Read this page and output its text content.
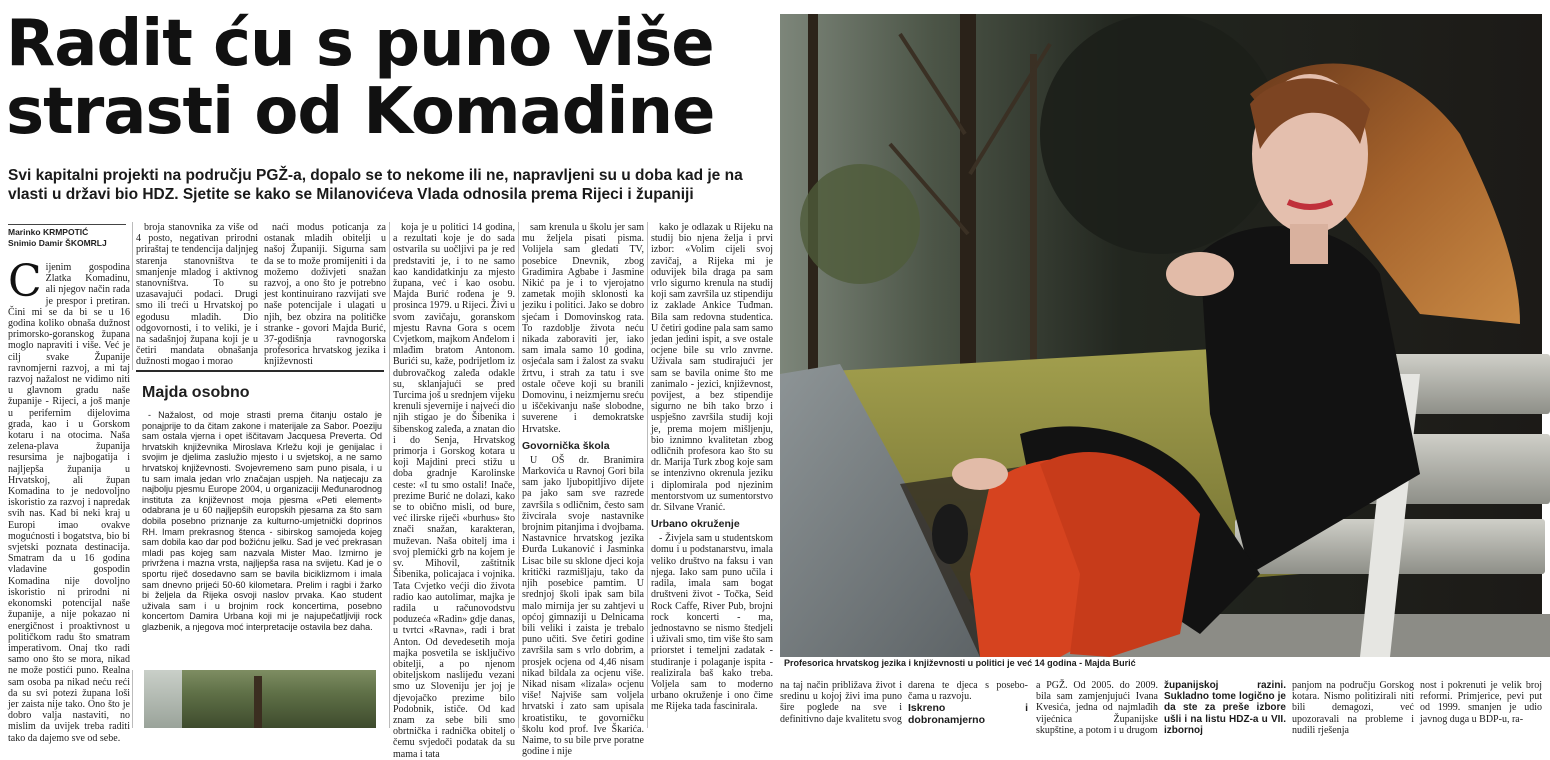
Radit ću s puno više
strasti od Komadine
Svi kapitalni projekti na području PGŽ-a, dopalo se to nekome ili ne, napravljeni su u doba kad je na vlasti u državi bio HDZ. Sjetite se kako se Milanovićeva Vlada odnosila prema Rijeci i županiji
Marinko KRMPOTIĆ
Snimio Damir ŠKOMRLJ
C ijenim gospodina Zlatka Komadinu, ali njegov način rada je prespor i pretiran. Čini mi se da bi se u 16 godina koliko obnaša dužnost primorsko-goranskog župana moglo napraviti i više. Već je cilj svake Županije ravnomjerni razvoj, a mi taj razvoj nažalost ne vidimo niti u glavnom gradu naše županije - Rijeci, a još manje u perifernim dijelovima grada, kao i u Gorskom kotaru i na otocima. Naša zelena-plava županija resursima je najbogatija i najljepša županija u Hrvatskoj, ali župan Komadina to je nedovoljno iskoristio za razvoj i napredak svih nas. Kad bi neki kraj u Europi imao ovakve mogućnosti i bogatstva, bio bi svjetski poznata destinacija. Smatram da u 16 godina vladavine gospodin Komadina nije dovoljno iskoristio ni prirodni ni ekonomski potencijal naše županije, a nije pokazao ni energičnost i proaktivnost u političkom radu što smatram imperativom. Onaj tko radi samo ono što se mora, nikad ne može postići puno. Realna sam osoba pa nikad neću reći da su svi potezi župana loši jer zaista nije tako. Ono što je dobro valja nastaviti, no mislim da uvijek treba raditi tako da dajemo sve od sebe.

broja stanovnika za više od 4 posto, negativan prirodni priraštaj te tendencija daljnjeg starenja stanovništva te smanjenje mladog i aktivnog stanovništva. To su uzasavajući podaci. Drugi smo ili treći u Hrvatskoj po egodusu mladih. Dio odgovornosti, i to veliki, je i na sadašnjoj župana koji je u četiri mandata obnašanja dužnosti mogao i morao

naći modus poticanja za ostanak mladih obitelji u našoj Županiji. Sigurna sam da se to može promijeniti i da možemo doživjeti snažan razvoj, a ono što je potrebno jest kontinuirano razvijati sve naše potencijale i ulagati u njih, bez obzira na političke stranke - govori Majda Burić, 37-godišnja ravnogorska profesorica hrvatskog jezika i književnosti

Majda osobno

- Nažalost, od moje strasti prema čitanju ostalo je ponajprije to da čitam zakone i materijale za Sabor. Poeziju sam ostala vjerna i opet iščitavam Jacquesa Preverta. Od hrvatskih književnika Miroslava Krležu koji je genijalac i svojim je djelima zaslužio mjesto i u svjetskoj, a ne samo hrvatskoj književnosti. Svojevremeno sam puno pisala, i u tu sam imala jedan vrlo značajan uspjeh. Na natjecaju za najbolju pjesmu Europe 2004, u organizaciji Međunarodnog instituta za književnost moja pjesma «Peti element» odabrana je u 60 najljepših europskih pjesama za što sam dobila posebno priznanje za kulturno-umjetnički doprinos RH. Imam prekrasnog štenca - sibirskog samojeda kojeg sam dobila kao dar pod božićnu jelku. Sad je već prekrasan mladi pas kojeg sam nazvala Mister Mao. Izmirno je privržena i mazna vrsta, najljepša rasa na svijetu. Kad je o sportu riječ dosedavno sam se bavila biciklizmom i imala sam dnevno prijeći 50-60 kilometara. Prelim i ragbi i žarko bi željela da Rijeka osvoji naslov prvaka. Kao student uživala sam i u brojnim rock koncertima, posebno koncertom Damira Urbana koji mi je najupečatljiviji rock glazbenik, a njegova moć interpretacije ostavila bez daha.

koja je u politici 14 godina, a rezultati koje je do sada ostvarila su uočljivi pa je red predstaviti je, i to ne samo kao kandidatkinju za mjesto župana, već i kao osobu. Majda Burić rođena je 9. prosinca 1979. u Rijeci. Živi u svom zavičaju, goranskom mjestu Ravna Gora s ocem Cvjetkom, majkom Anđelom i mlađim bratom Antonom. Burići su, kaže, podrijetlom iz dubrovačkog zaleđa odakle su, sklanjajući se pred Turcima još u srednjem vijeku krenuli sjevernije i najveći dio njih stigao je do Šibenika i šibenskog zaleđa, a znatan dio i do Senja, Hrvatskog primorja i Gorskog kotara u koji Majdini preci stižu u doba gradnje Karolinske ceste: «I tu smo ostali! Inače, prezime Burić ne dolazi, kako se to obično misli, od bure, već ilirske riječi «burhus» što znači snažan, karakteran, muževan. Naša obitelj ima i svoj plemićki grb na kojem je sv. Mihovil, zaštitnik Šibenika, policajaca i vojnika. Tata Cvjetko većji dio života radio kao autolimar, majka je radila u računovodstvu poduzeća «Radin» gdje danas, u tvrtci «Ravna», radi i brat Anton. Od devedesetih moja majka posvetila se isključivo obitelji, a po njenom obiteljskom naslijeđu vezani smo uz Sloveniju jer joj je djevojačko prezime bilo Podobnik, ističe. Od kad znam za sebe bili smo obrtnička i radnička obitelj o čemu svjedoči podatak da su mama i tata

sam krenula u školu jer sam mu željela pisati pisma. Volijela sam gledati TV, posebice Dnevnik, zbog Gradimira Agbabe i Jasmine Nikić pa je i to vjerojatno zametak mojih sklonosti ka jeziku i politici. Jako se dobro sjećam i Domovinskog rata. To razdoblje života neću nikada zaboraviti jer, iako sam imala samo 10 godina, osjećala sam i žalost za svaku žrtvu, i strah za tatu i sve ostale očeve koji su branili Domovinu, i neizmjernu sreću u iščekivanju naše slobodne, suverene i demokratske Hrvatske.

Govornička škola

U OŠ dr. Branimira Markovića u Ravnoj Gori bila sam jako ljubopitljivo dijete pa jako sam sve razrede završila s odličnim, često sam živcirala svoje nastavnike brojnim pitanjima i dvojbama. Nastavnice hrvatskog jezika Đurđa Lukanović i Jasminka Lisac bile su sklone djeci koja kritički razmišljaju, tako da njih posebice pamtim. U srednjoj školi ipak sam bila malo mirnija jer su zahtjevi u općoj gimnaziji u Delnicama bili veliki i zaista je trebalo puno učiti. Sve četiri godine završila sam s vrlo dobrim, a prosjek ocjena od 4,46 nisam nikad bildala za ocjenu više. Nikad nisam «lizala» ocjenu više! Najviše sam voljela hrvatski i zato sam upisala kroatistiku, te govorničku školu kod prof. Ive Škarića. Naime, to su bile prve poratne godine i nije

kako je odlazak u Rijeku na studij bio njena želja i prvi izbor: «Volim cijeli svoj zavičaj, a Rijeka mi je oduvijek bila draga pa sam vrlo sigurno krenula na studij koji sam završila uz stipendiju iz zaklade Ankice Tuđman. Bila sam redovna studentica. U četiri godine pala sam samo jedan jedini ispit, a sve ostale ocjene bile su vrlo znvrne. Uživala sam studirajući jer sam se bavila onime što me zanimalo - jezici, književnost, povijest, a bez stipendije sigurno ne bih tako brzo i uspješno završila studij koji je, prema mojem mišljenju, bio iznimno kvalitetan zbog odličnih profesora kao što su dr. Marija Turk zbog koje sam se intenzivno okrenula jeziku i diplomirala pod njezinim mentorstvom uz sumentorstvo dr. Silvane Vranić.

Urbano okruženje

- Živjela sam u studentskom domu i u podstanarstvu, imala veliko društvo na faksu i van njega. Iako sam puno učila i radila, imala sam bogat društveni život - Točka, Seid Rock Caffe, River Pub, brojni rock koncerti - ma, jednostavno se nismo štedjeli i uživali smo, tim više što sam priorstet i temeljni zadatak - studiranje i polaganje ispita - realizirala baš kako treba. Voljela sam to moderno urbano okruženje i ono čime me Rijeka tada fascinirala.

Profesorica hrvatskog jezika i književnosti u politici je već 14 godina - Majda Burić

na taj način približava život i sredinu u kojoj živi ima puno šire poglede na sve i definitivno daje kvalitetu svog

darena te djeca s posebo- čama u razvoju.

Iskreno i dobronamjerno

a PGŽ. Od 2005. do 2009. bila sam zamjenjujući Ivana Kvesića, jedna od najmlađih vijećnica Županijske skupštine, a potom i u drugom

županijskoj razini. Sukladno tome logično je da ste za preše izbore ušli i na listu HDZ-a u VII. izbornoj

panjom na području Gorskog kotara. Nismo politizirali niti bili demagozi, već upozoravali na probleme i nudili rješenja

nost i pokrenuti je velik broj reformi. Primjerice, pevi put od 1999. smanjen je udio javnog duga u BDP-u, ra-
